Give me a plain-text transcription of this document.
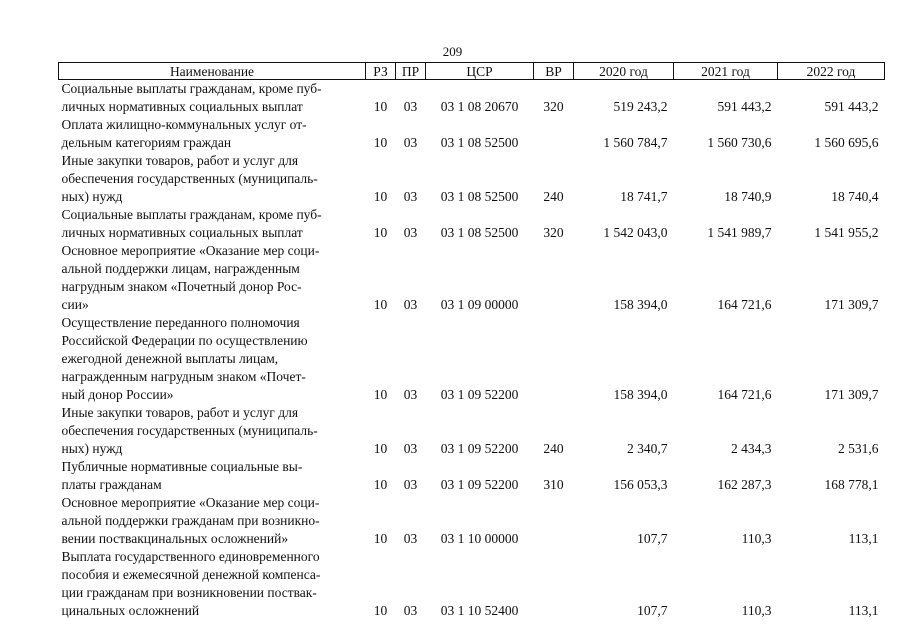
209
Наименование	РЗ	ПР	ЦСР	ВР	2020 год	2021 год	2022 год

Социальные выплаты гражданам, кроме пуб-
личных нормативных социальных выплат	10	03	03 1 08 20670	320	519 243,2	591 443,2	591 443,2

Оплата жилищно-коммунальных услуг от-
дельным категориям граждан	10	03	03 1 08 52500		1 560 784,7	1 560 730,6	1 560 695,6

Иные закупки товаров, работ и услуг для
обеспечения государственных (муниципаль-
ных) нужд	10	03	03 1 08 52500	240	18 741,7	18 740,9	18 740,4

Социальные выплаты гражданам, кроме пуб-
личных нормативных социальных выплат	10	03	03 1 08 52500	320	1 542 043,0	1 541 989,7	1 541 955,2

Основное мероприятие «Оказание мер соци-
альной поддержки лицам, награжденным
нагрудным знаком «Почетный донор Рос-
сии»	10	03	03 1 09 00000		158 394,0	164 721,6	171 309,7

Осуществление переданного полномочия
Российской Федерации по осуществлению
ежегодной денежной выплаты лицам,
награжденным нагрудным знаком «Почет-
ный донор России»	10	03	03 1 09 52200		158 394,0	164 721,6	171 309,7

Иные закупки товаров, работ и услуг для
обеспечения государственных (муниципаль-
ных) нужд	10	03	03 1 09 52200	240	2 340,7	2 434,3	2 531,6

Публичные нормативные социальные вы-
платы гражданам	10	03	03 1 09 52200	310	156 053,3	162 287,3	168 778,1

Основное мероприятие «Оказание мер соци-
альной поддержки гражданам при возникно-
вении поствакцинальных осложнений»	10	03	03 1 10 00000		107,7	110,3	113,1

Выплата государственного единовременного
пособия и ежемесячной денежной компенса-
ции гражданам при возникновении поствак-
цинальных осложнений	10	03	03 1 10 52400		107,7	110,3	113,1
